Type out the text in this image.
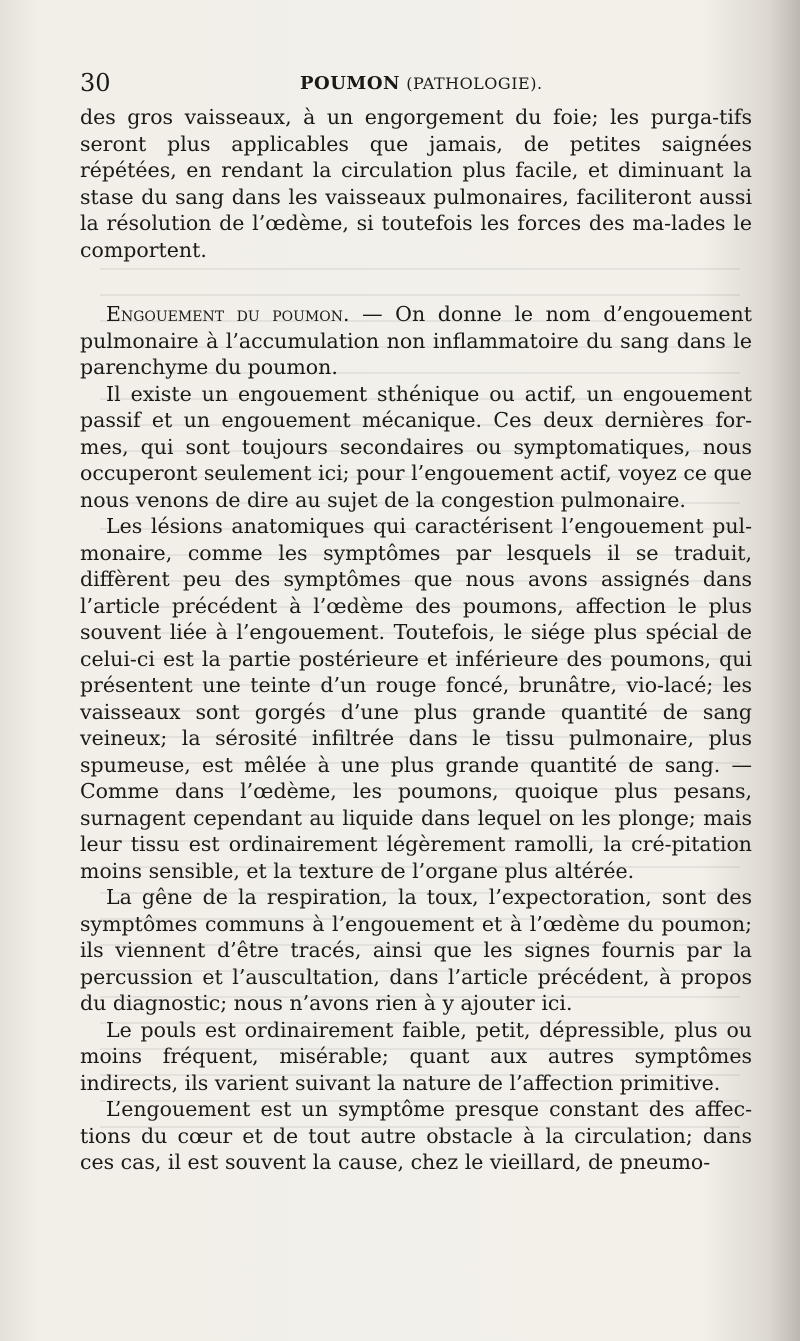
30	POUMON (PATHOLOGIE).

des gros vaisseaux, à un engorgement du foie; les purga-tifs seront plus applicables que jamais, de petites saignées répétées, en rendant la circulation plus facile, et diminuant la stase du sang dans les vaisseaux pulmonaires, faciliteront aussi la résolution de l’œdème, si toutefois les forces des ma-lades le comportent.

Engouement du poumon. — On donne le nom d’engouement pulmonaire à l’accumulation non inflammatoire du sang dans le parenchyme du poumon.

Il existe un engouement sthénique ou actif, un engouement passif et un engouement mécanique. Ces deux dernières for-mes, qui sont toujours secondaires ou symptomatiques, nous occuperont seulement ici; pour l’engouement actif, voyez ce que nous venons de dire au sujet de la congestion pulmonaire.

Les lésions anatomiques qui caractérisent l’engouement pul-monaire, comme les symptômes par lesquels il se traduit, diffèrent peu des symptômes que nous avons assignés dans l’article précédent à l’œdème des poumons, affection le plus souvent liée à l’engouement. Toutefois, le siége plus spécial de celui-ci est la partie postérieure et inférieure des poumons, qui présentent une teinte d’un rouge foncé, brunâtre, vio-lacé; les vaisseaux sont gorgés d’une plus grande quantité de sang veineux; la sérosité infiltrée dans le tissu pulmonaire, plus spumeuse, est mêlée à une plus grande quantité de sang. — Comme dans l’œdème, les poumons, quoique plus pesans, surnagent cependant au liquide dans lequel on les plonge; mais leur tissu est ordinairement légèrement ramolli, la cré-pitation moins sensible, et la texture de l’organe plus altérée.

La gêne de la respiration, la toux, l’expectoration, sont des symptômes communs à l’engouement et à l’œdème du poumon; ils viennent d’être tracés, ainsi que les signes fournis par la percussion et l’auscultation, dans l’article précédent, à propos du diagnostic; nous n’avons rien à y ajouter ici.

Le pouls est ordinairement faible, petit, dépressible, plus ou moins fréquent, misérable; quant aux autres symptômes indirects, ils varient suivant la nature de l’affection primitive.

L’engouement est un symptôme presque constant des affec-tions du cœur et de tout autre obstacle à la circulation; dans ces cas, il est souvent la cause, chez le vieillard, de pneumo-
